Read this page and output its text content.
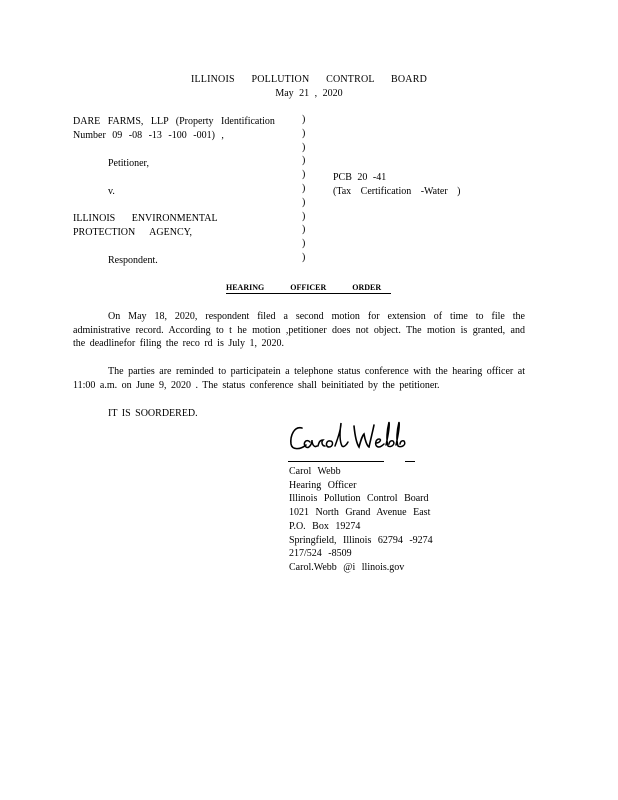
ILLINOIS POLLUTION CONTROL BOARD
May 21 , 2020
DARE FARMS, LLP (Property Identification
Number 09 -08 -13 -100 -001) ,
Petitioner,
v.
ILLINOIS ENVIRONMENTAL
PROTECTION AGENCY,
Respondent.
)
)
)
)
)
)
)
)
)
)
)
PCB 20 -41
(Tax Certification -Water )
HEARING OFFICER ORDER
On May 18, 2020, respondent filed a second motion for extension of time to file the administrative record. According to t he motion ,petitioner does not object. The motion is granted, and the deadlinefor filing the reco rd is July 1, 2020.
The parties are reminded to participatein a telephone status conference with the hearing officer at 11:00 a.m. on June 9, 2020 . The status conference shall beinitiated by the petitioner.
IT IS SOORDERED.
Carol Webb
Hearing Officer
Illinois Pollution Control Board
1021 North Grand Avenue East
P.O. Box 19274
Springfield, Illinois 62794 -9274
217/524 -8509
Carol.Webb @i llinois.gov
